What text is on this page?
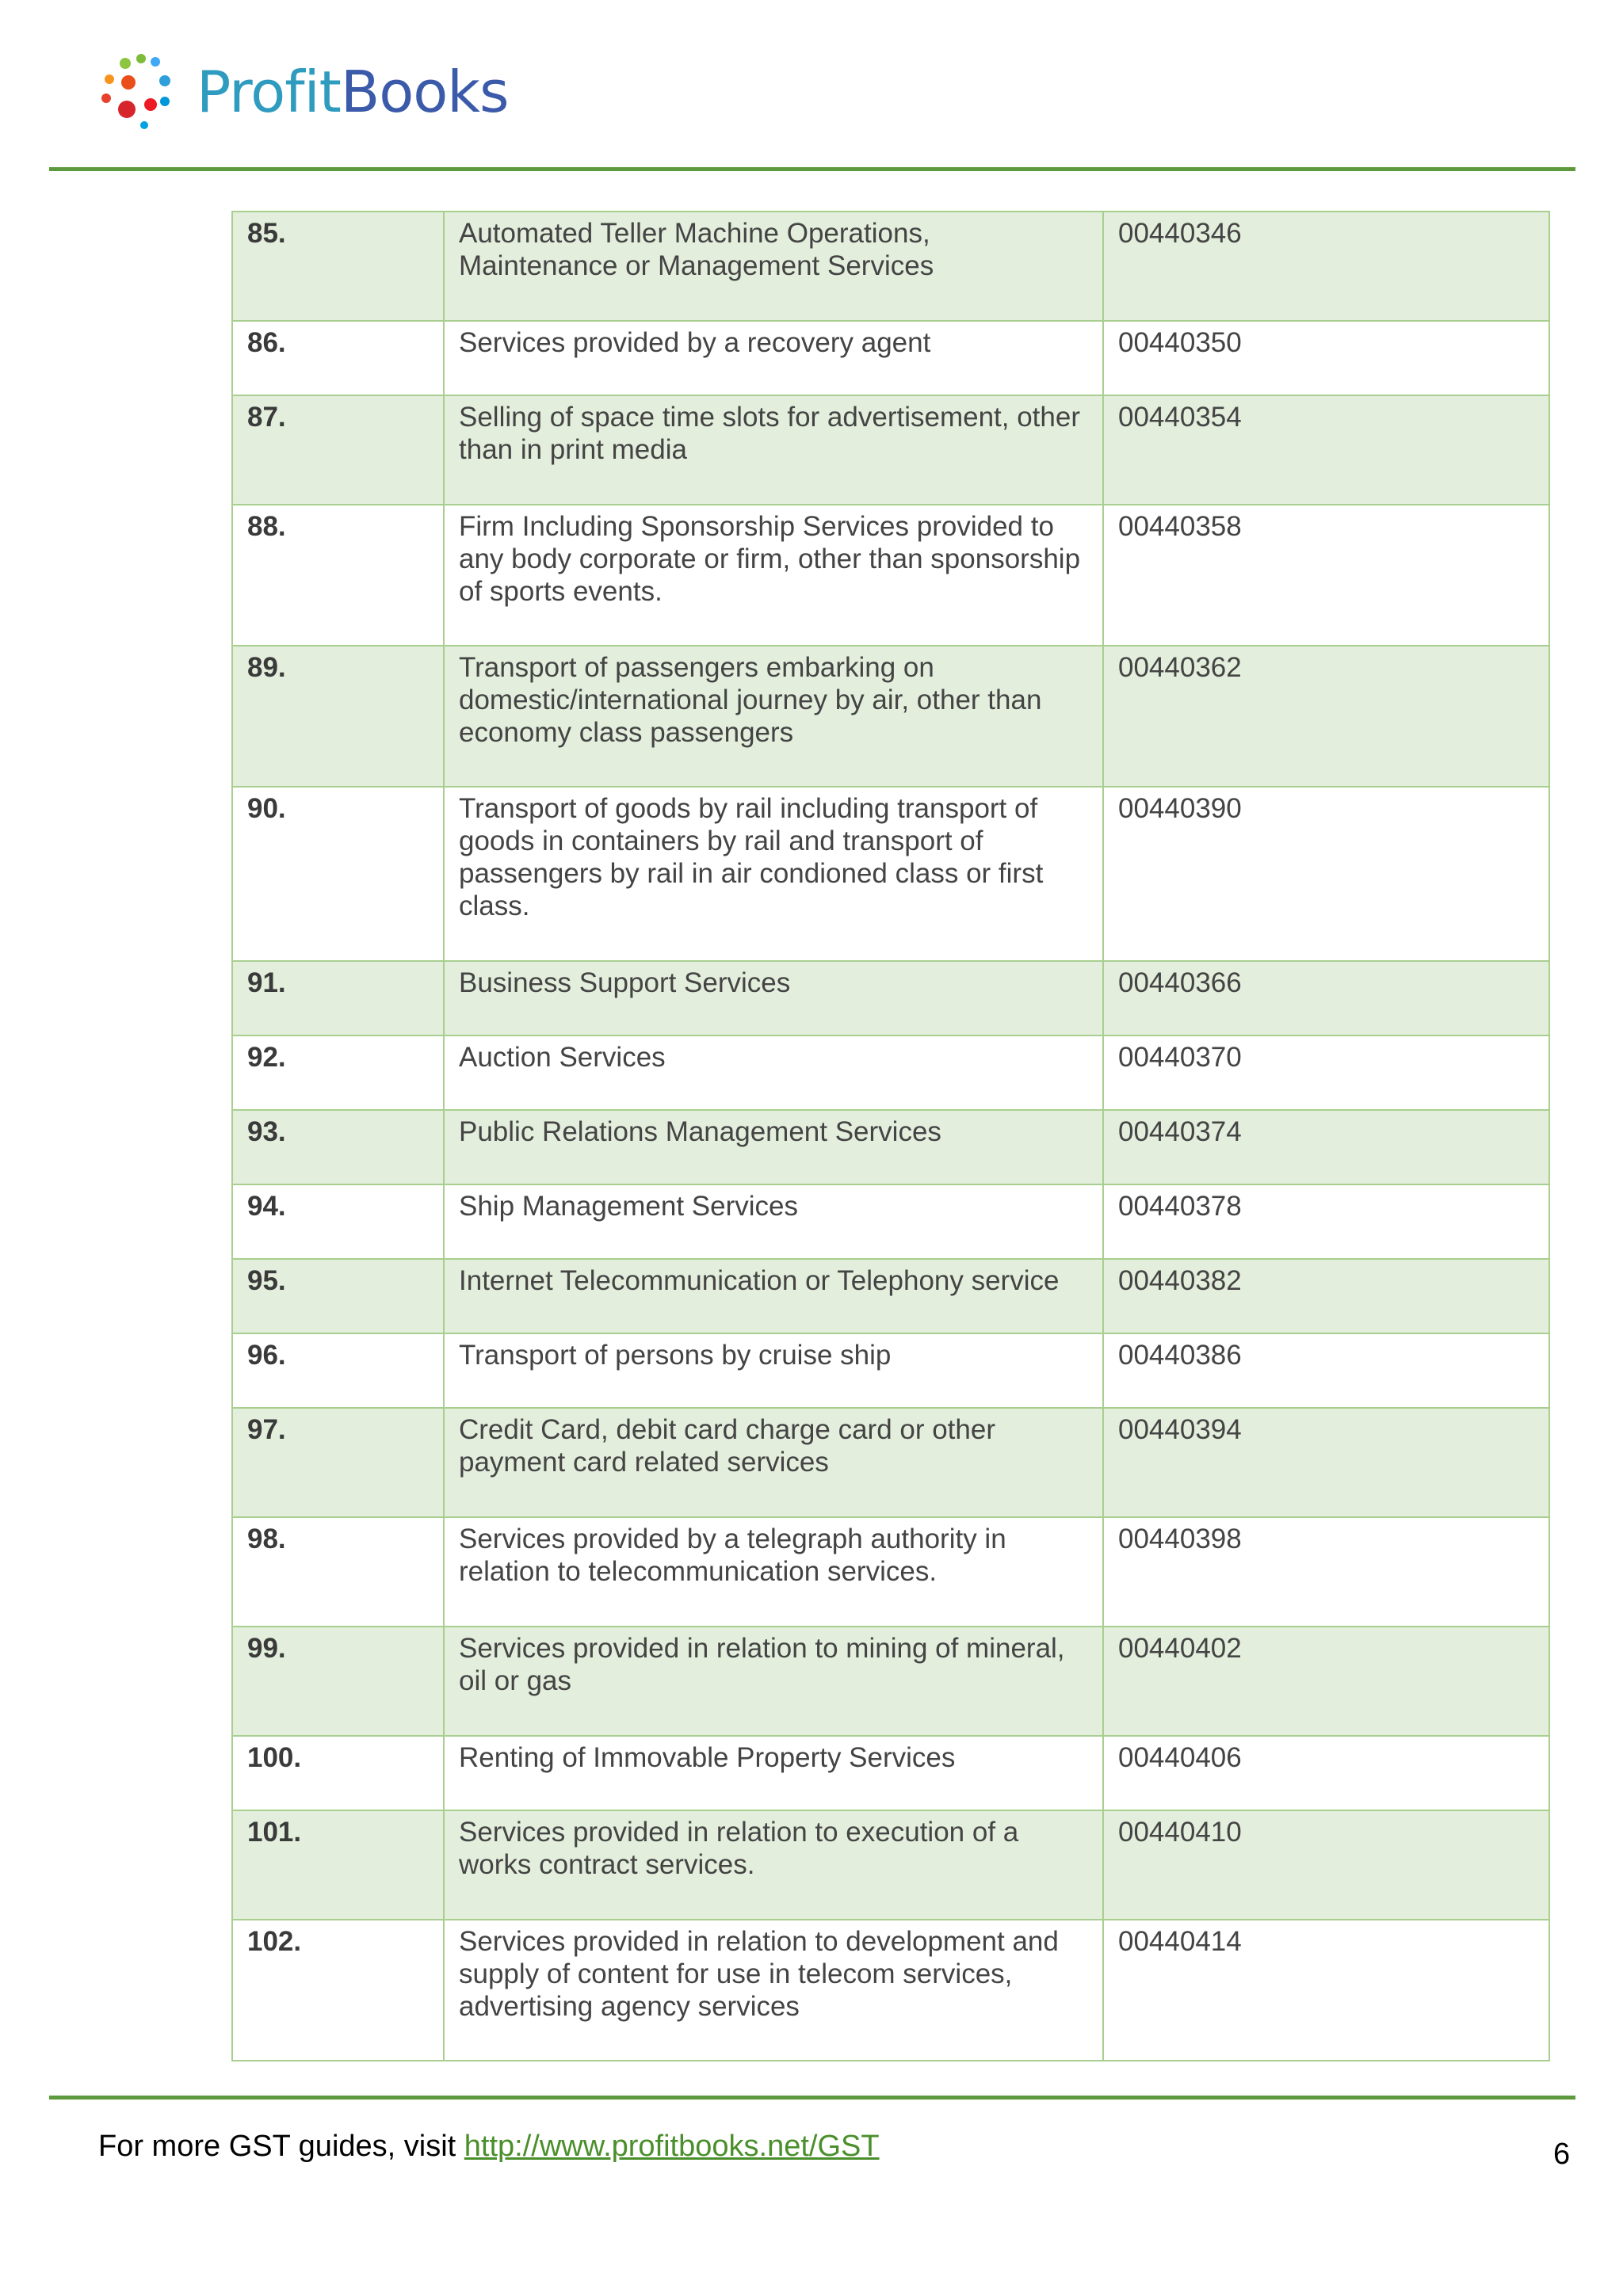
ProfitBooks
85.	Automated Teller Machine Operations, Maintenance or Management Services	00440346
86.	Services provided by a recovery agent	00440350
87.	Selling of space time slots for advertisement, other than in print media	00440354
88.	Firm Including Sponsorship Services provided to any body corporate or firm, other than sponsorship of sports events.	00440358
89.	Transport of passengers embarking on domestic/international journey by air, other than economy class passengers	00440362
90.	Transport of goods by rail including transport of goods in containers by rail and transport of passengers by rail in air condioned class or first class.	00440390
91.	Business Support Services	00440366
92.	Auction Services	00440370
93.	Public Relations Management Services	00440374
94.	Ship Management Services	00440378
95.	Internet Telecommunication or Telephony service	00440382
96.	Transport of persons by cruise ship	00440386
97.	Credit Card, debit card charge card or other payment card related services	00440394
98.	Services provided by a telegraph authority in relation to telecommunication services.	00440398
99.	Services provided in relation to mining of mineral, oil or gas	00440402
100.	Renting of Immovable Property Services	00440406
101.	Services provided in relation to execution of a works contract services.	00440410
102.	Services provided in relation to development and supply of content for use in telecom services, advertising agency services	00440414
For more GST guides, visit http://www.profitbooks.net/GST	6
